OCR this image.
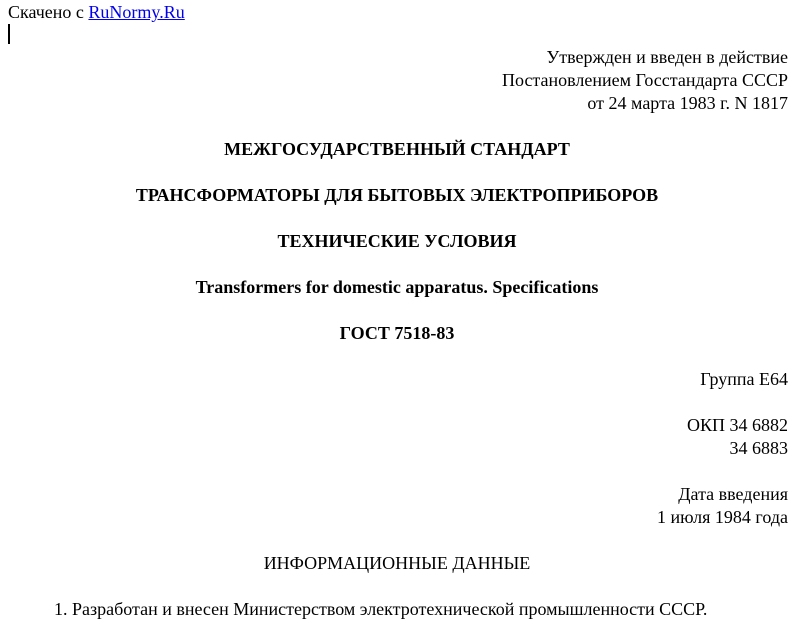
Скачено с RuNormy.Ru
Утвержден и введен в действие
Постановлением Госстандарта СССР
от 24 марта 1983 г. N 1817
МЕЖГОСУДАРСТВЕННЫЙ СТАНДАРТ
ТРАНСФОРМАТОРЫ ДЛЯ БЫТОВЫХ ЭЛЕКТРОПРИБОРОВ
ТЕХНИЧЕСКИЕ УСЛОВИЯ
Transformers for domestic apparatus. Specifications
ГОСТ 7518-83
Группа Е64
ОКП 34 6882
34 6883
Дата введения
1 июля 1984 года
ИНФОРМАЦИОННЫЕ ДАННЫЕ
1. Разработан и внесен Министерством электротехнической промышленности СССР.
